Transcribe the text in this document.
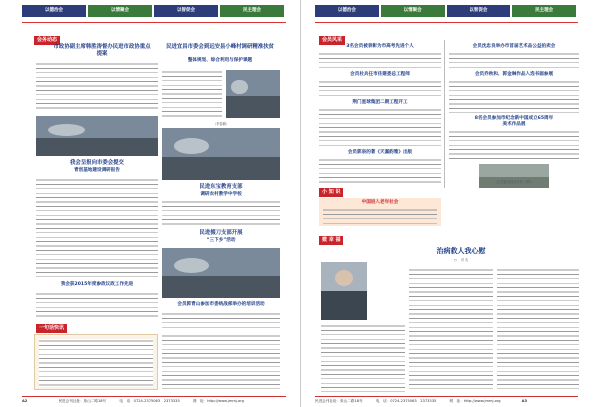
以德治会	以情聚会	以智促会	民主理会
会务动态
市政协副主席韩胜涛督办民进市政协重点提案
民进宜昌市委会到远安县小峰村调研精准扶贫
整体规划、综合利用与保护课题
（李春鹏）
我会呈报向市委会提交
青创基地建设调研报告
民进东宝教育支部
调研农村教学中学校
民进掇刀支部开展
“三下乡”活动
我会获2015年度参政议政工作先进
会员郭青山参加市委统战部举办的培训活动
一句话快讯
A2	民进会刊社址：象山二路18号	电　话：0724-2375063　2373335	网　址：http://www.jmmj.org
以德治会	以情聚会	以智促会	民主理会
会员风采
3名会员被表彰为市高考先进个人
会员杜兵任市住建委总工程师
荆门星球集团二期工程开工
会员郭泉的著《天嘉韵雅》出版
会员沈忠良举办市首届艺术品公益拍卖会
会员乔秋和、郭金琳作品入选书画参展
8名会员参加市纪念新中国成立65周年
美术作品展
（会员夏春刘吉作品《梦》）
小 知 识
中国进入老年社会
微 幸 福
治病救人我心慰
○　 冯 友
民进会刊社址：象山二路18号	电　话：0724-2375063　2373335	网　址：http://www.jmmj.org	A3
